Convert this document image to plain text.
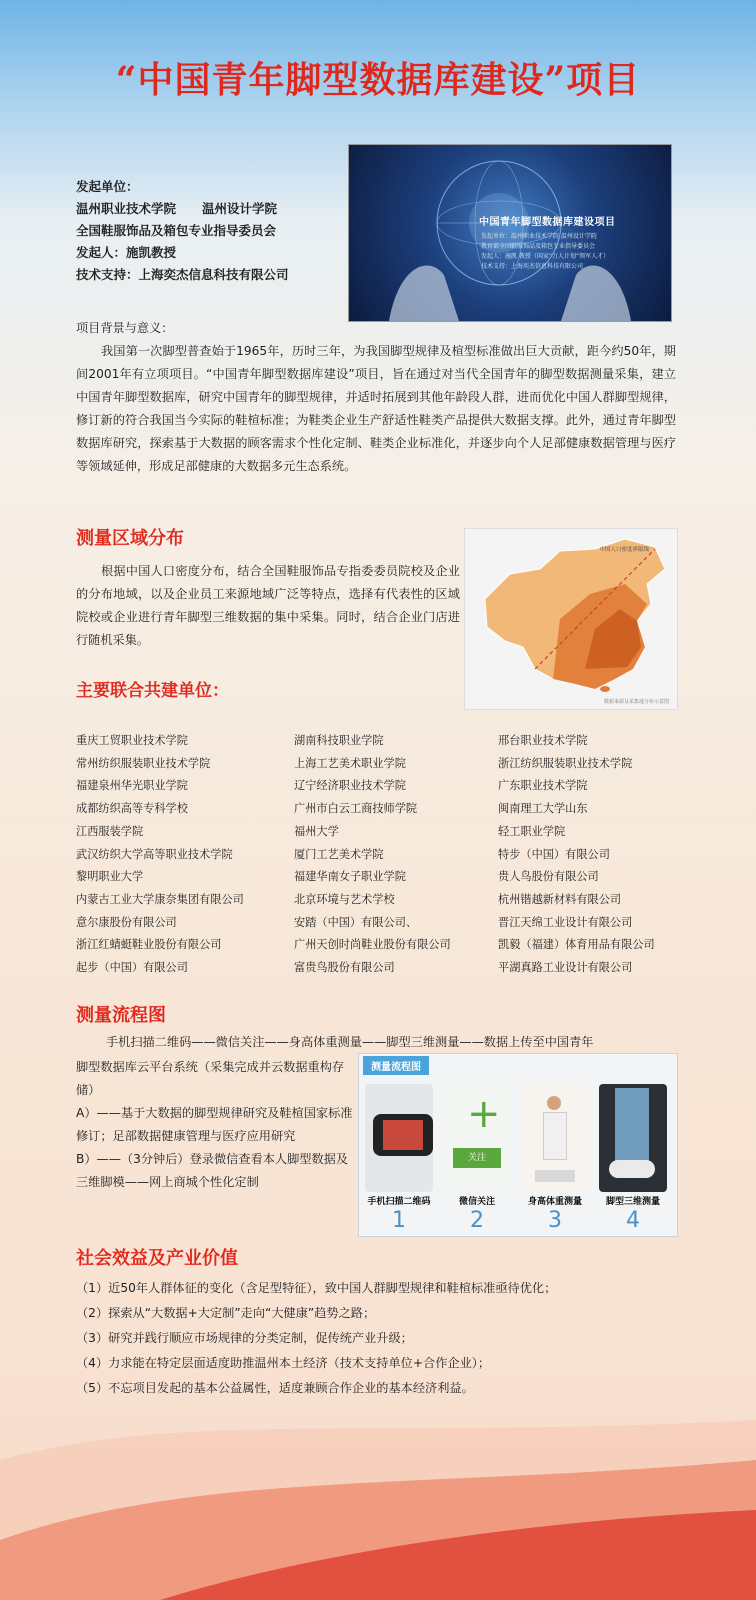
“中国青年脚型数据库建设”项目
发起单位：
温州职业技术学院 温州设计学院
全国鞋服饰品及箱包专业指导委员会
发起人：施凯教授
技术支持：上海奕杰信息科技有限公司
中国青年脚型数据库建设项目
发起单位：温州职业技术学院 温州设计学院
教育部全国鞋服饰品及箱包专业指导委员会
发起人：施凯 教授（国家“万人计划”领军人才）
技术支持：上海奕杰信息科技有限公司
项目背景与意义：
我国第一次脚型普查始于1965年，历时三年，为我国脚型规律及楦型标准做出巨大贡献，距今约50年，期间2001年有立项项目。“中国青年脚型数据库建设”项目，旨在通过对当代全国青年的脚型数据测量采集，建立中国青年脚型数据库，研究中国青年的脚型规律，并适时拓展到其他年龄段人群，进而优化中国人群脚型规律，修订新的符合我国当今实际的鞋楦标准；为鞋类企业生产舒适性鞋类产品提供大数据支撑。此外，通过青年脚型数据库研究，探索基于大数据的顾客需求个性化定制、鞋类企业标准化，并逐步向个人足部健康数据管理与医疗等领域延伸，形成足部健康的大数据多元生态系统。
测量区域分布
根据中国人口密度分布，结合全国鞋服饰品专指委委员院校及企业的分布地域，以及企业员工来源地域广泛等特点，选择有代表性的区域院校或企业进行青年脚型三维数据的集中采集。同时，结合企业门店进行随机采集。
中国人口密度界限线
数据来源及采集地分布示意图
主要联合共建单位：
重庆工贸职业技术学院	湖南科技职业学院	邢台职业技术学院
常州纺织服装职业技术学院	上海工艺美术职业学院	浙江纺织服装职业技术学院
福建泉州华光职业学院	辽宁经济职业技术学院	广东职业技术学院
成都纺织高等专科学校	广州市白云工商技师学院	闽南理工大学山东
江西服装学院	福州大学	轻工职业学院
武汉纺织大学高等职业技术学院	厦门工艺美术学院	特步（中国）有限公司
黎明职业大学	福建华南女子职业学院	贵人鸟股份有限公司
内蒙古工业大学康奈集团有限公司	北京环境与艺术学校	杭州锴越新材料有限公司
意尔康股份有限公司	安踏（中国）有限公司、	晋江天绵工业设计有限公司
浙江红蜻蜓鞋业股份有限公司	广州天创时尚鞋业股份有限公司	凯毅（福建）体育用品有限公司
起步（中国）有限公司	富贵鸟股份有限公司	平湖真路工业设计有限公司
测量流程图
手机扫描二维码——微信关注——身高体重测量——脚型三维测量——数据上传至中国青年
脚型数据库云平台系统（采集完成并云数据重构存储）
A）——基于大数据的脚型规律研究及鞋楦国家标准修订；足部数据健康管理与医疗应用研究
B）——（3分钟后）登录微信查看本人脚型数据及三维脚模——网上商城个性化定制
测量流程图
+
关注
手机扫描二维码	微信关注	身高体重测量	脚型三维测量
1	2	3	4
社会效益及产业价值
（1）近50年人群体征的变化（含足型特征），致中国人群脚型规律和鞋楦标准亟待优化；
（2）探索从“大数据+大定制”走向“大健康”趋势之路；
（3）研究并践行顺应市场规律的分类定制，促传统产业升级；
（4）力求能在特定层面适度助推温州本土经济（技术支持单位+合作企业）；
（5）不忘项目发起的基本公益属性，适度兼顾合作企业的基本经济利益。
